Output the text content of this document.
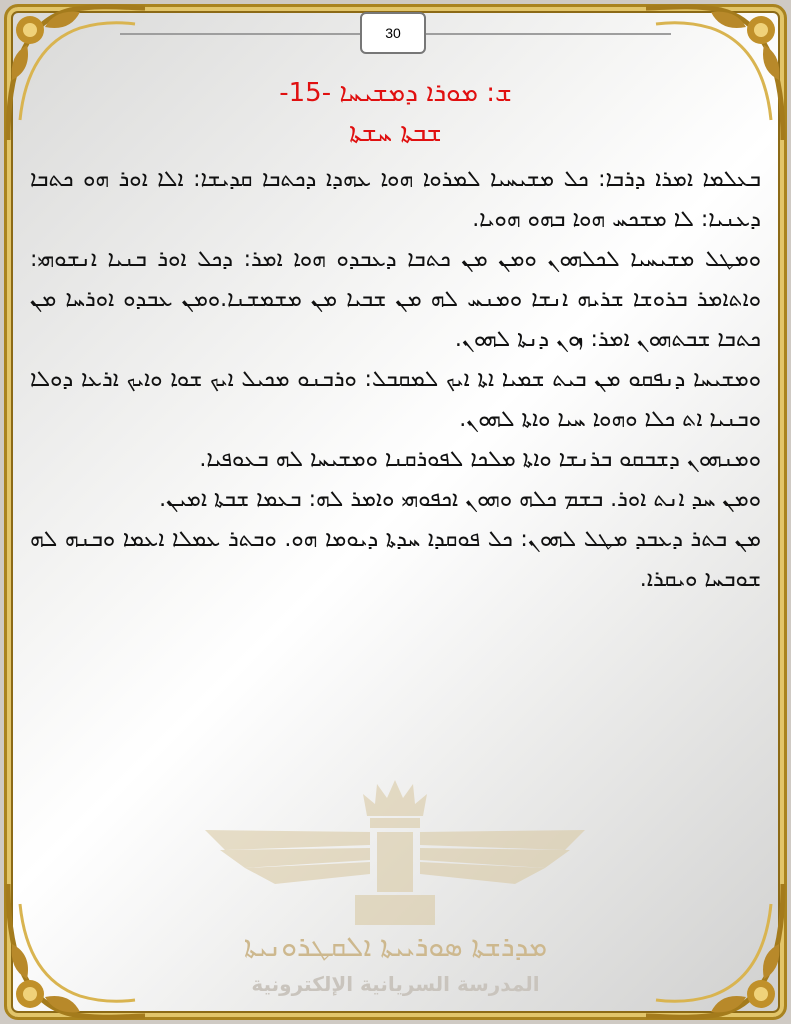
30
ܫ: ܡܘܪܐ ܕܡܫܝܚܐ -15-
ܫܒܬܐ ܚܫܬܐ

ܒܥܠܡܐ ܐܡܪܐ ܕܪܒܐ: ܟܠ ܡܫܝܚܝܐ ܠܡܪܘܐ ܗܘܐ ܥܗܕܐ ܕܟܬܒܐ ܩܕܝܫܐ: ܐܠܐ ܐܘܪ ܗܘ ܟܬܒܐ ܕܥܢܝܐ: ܠܐ ܡܫܟܚ ܗܘܐ ܒܗܘ ܗܘܝܐ.

ܘܡܛܠ ܡܫܝܚܝܐ ܠܟܠܗܘܢ ܘܡܢ ܡܢ ܟܬܒܐ ܕܥܒܕܘ ܗܘܐ ܐܡܪ: ܕܟܠ ܐܘܪ ܒܢܝܐ ܐܢܫܘܗܝ: ܘܐܬܐܡܪ ܒܪܘܫܐ ܫܪܝܗ ܐܢܫܐ ܘܡܢܚ ܠܗ ܡܢ ܫܒܝܐ ܡܢ ܡܫܡܫܢܐ.ܘܡܢ ܥܒܕܘ ܐܘܪܚܐ ܡܢ ܟܬܒܐ ܫܒܬܗܘܢ ܐܡܪ: ܙܘܢ ܕܢܬܐ ܠܗܘܢ.

ܘܡܫܝܚܐ ܕܢܦܩܘ ܡܢ ܒܝܬ ܫܡܝܐ ܐܬܐ ܐܝܟ ܠܡܩܒܠ: ܘܪܒܢܘ ܡܟܝܠ ܐܝܟ ܫܘܐ ܘܐܝܟ ܐܪܥܐ ܕܘܠܐ ܘܒܢܝܐ ܐܬ ܟܠܐ ܘܗܘܐ ܚܝܐ ܘܐܬܐ ܠܗܘܢ.

ܘܡܢܗܘܢ ܕܫܒܩܘ ܒܪܢܫܐ ܘܐܬܐ ܡܠܟܐ ܠܦܘܪܩܢܐ ܘܡܫܝܚܐ ܠܗ ܒܥܘܦܝܐ.

ܘܡܢ ܚܕ ܐܢܬ ܐܘܪ. ܒܫܡ ܟܠܗ ܘܗܘܢ ܐܟܦܘܗܝ ܘܐܡܪ ܠܗ: ܒܥܡܐ ܫܒܬܐ ܐܡܝܢ.

ܡܢ ܒܬܪ ܕܥܒܕ ܡܛܠ ܠܗܘܢ: ܟܠ ܦܘܩܕܐ ܚܕܬܐ ܕܝܘܡܐ ܗܘ. ܘܒܬܪ ܥܡܠܐ ܐܥܡܐ ܘܒܢܗ ܠܗ ܫܘܒܚܐ ܘܝܩܪܐ.

ܡܕܪܫܬܐ ܣܘܪܝܝܬܐ ܐܠܩܛܪܘܢܝܬܐ
المدرسة السريانية الإلكترونية
